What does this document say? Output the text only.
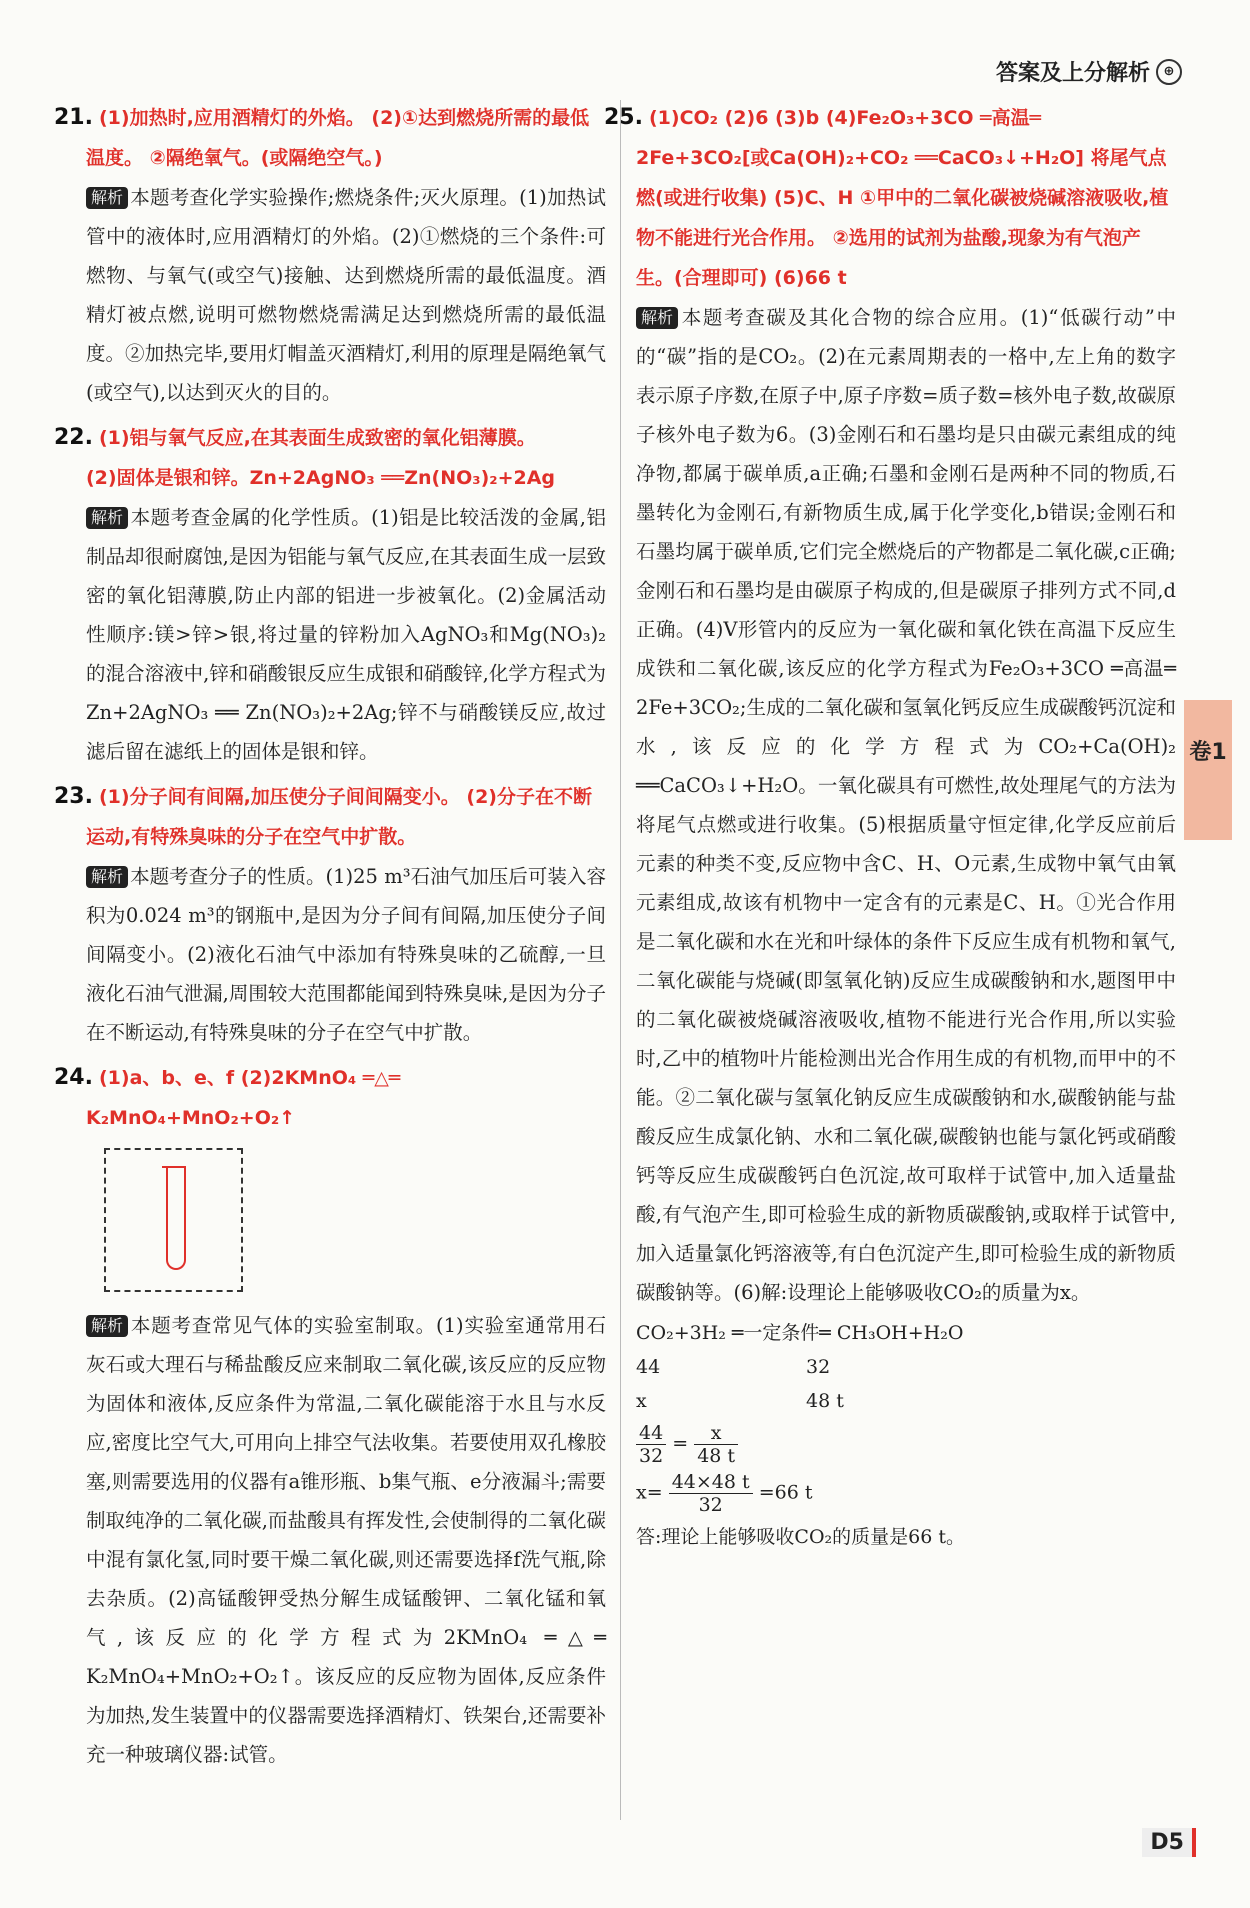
答案及上分解析	⊕
21. (1)加热时,应用酒精灯的外焰。 (2)①达到燃烧所需的最低温度。 ②隔绝氧气。(或隔绝空气。)
解析 本题考查化学实验操作;燃烧条件;灭火原理。(1)加热试管中的液体时,应用酒精灯的外焰。(2)①燃烧的三个条件:可燃物、与氧气(或空气)接触、达到燃烧所需的最低温度。酒精灯被点燃,说明可燃物燃烧需满足达到燃烧所需的最低温度。②加热完毕,要用灯帽盖灭酒精灯,利用的原理是隔绝氧气(或空气),以达到灭火的目的。
22. (1)铝与氧气反应,在其表面生成致密的氧化铝薄膜。
(2)固体是银和锌。Zn+2AgNO₃ ══Zn(NO₃)₂+2Ag
解析 本题考查金属的化学性质。(1)铝是比较活泼的金属,铝制品却很耐腐蚀,是因为铝能与氧气反应,在其表面生成一层致密的氧化铝薄膜,防止内部的铝进一步被氧化。(2)金属活动性顺序:镁>锌>银,将过量的锌粉加入AgNO₃和Mg(NO₃)₂的混合溶液中,锌和硝酸银反应生成银和硝酸锌,化学方程式为Zn+2AgNO₃ ══ Zn(NO₃)₂+2Ag;锌不与硝酸镁反应,故过滤后留在滤纸上的固体是银和锌。
23. (1)分子间有间隔,加压使分子间间隔变小。 (2)分子在不断运动,有特殊臭味的分子在空气中扩散。
解析 本题考查分子的性质。(1)25 m³石油气加压后可装入容积为0.024 m³的钢瓶中,是因为分子间有间隔,加压使分子间间隔变小。(2)液化石油气中添加有特殊臭味的乙硫醇,一旦液化石油气泄漏,周围较大范围都能闻到特殊臭味,是因为分子在不断运动,有特殊臭味的分子在空气中扩散。
24. (1)a、b、e、f (2)2KMnO₄ ═△═ K₂MnO₄+MnO₂+O₂↑
解析 本题考查常见气体的实验室制取。(1)实验室通常用石灰石或大理石与稀盐酸反应来制取二氧化碳,该反应的反应物为固体和液体,反应条件为常温,二氧化碳能溶于水且与水反应,密度比空气大,可用向上排空气法收集。若要使用双孔橡胶塞,则需要选用的仪器有a锥形瓶、b集气瓶、e分液漏斗;需要制取纯净的二氧化碳,而盐酸具有挥发性,会使制得的二氧化碳中混有氯化氢,同时要干燥二氧化碳,则还需要选择f洗气瓶,除去杂质。(2)高锰酸钾受热分解生成锰酸钾、二氧化锰和氧气,该反应的化学方程式为2KMnO₄ ═△═ K₂MnO₄+MnO₂+O₂↑。该反应的反应物为固体,反应条件为加热,发生装置中的仪器需要选择酒精灯、铁架台,还需要补充一种玻璃仪器:试管。
25. (1)CO₂ (2)6 (3)b (4)Fe₂O₃+3CO ═高温═ 2Fe+3CO₂[或Ca(OH)₂+CO₂ ══CaCO₃↓+H₂O] 将尾气点燃(或进行收集) (5)C、H ①甲中的二氧化碳被烧碱溶液吸收,植物不能进行光合作用。 ②选用的试剂为盐酸,现象为有气泡产生。(合理即可) (6)66 t
解析 本题考查碳及其化合物的综合应用。(1)“低碳行动”中的“碳”指的是CO₂。(2)在元素周期表的一格中,左上角的数字表示原子序数,在原子中,原子序数=质子数=核外电子数,故碳原子核外电子数为6。(3)金刚石和石墨均是只由碳元素组成的纯净物,都属于碳单质,a正确;石墨和金刚石是两种不同的物质,石墨转化为金刚石,有新物质生成,属于化学变化,b错误;金刚石和石墨均属于碳单质,它们完全燃烧后的产物都是二氧化碳,c正确;金刚石和石墨均是由碳原子构成的,但是碳原子排列方式不同,d正确。(4)V形管内的反应为一氧化碳和氧化铁在高温下反应生成铁和二氧化碳,该反应的化学方程式为Fe₂O₃+3CO ═高温═ 2Fe+3CO₂;生成的二氧化碳和氢氧化钙反应生成碳酸钙沉淀和水,该反应的化学方程式为CO₂+Ca(OH)₂ ══CaCO₃↓+H₂O。一氧化碳具有可燃性,故处理尾气的方法为将尾气点燃或进行收集。(5)根据质量守恒定律,化学反应前后元素的种类不变,反应物中含C、H、O元素,生成物中氧气由氧元素组成,故该有机物中一定含有的元素是C、H。①光合作用是二氧化碳和水在光和叶绿体的条件下反应生成有机物和氧气,二氧化碳能与烧碱(即氢氧化钠)反应生成碳酸钠和水,题图甲中的二氧化碳被烧碱溶液吸收,植物不能进行光合作用,所以实验时,乙中的植物叶片能检测出光合作用生成的有机物,而甲中的不能。②二氧化碳与氢氧化钠反应生成碳酸钠和水,碳酸钠能与盐酸反应生成氯化钠、水和二氧化碳,碳酸钠也能与氯化钙或硝酸钙等反应生成碳酸钙白色沉淀,故可取样于试管中,加入适量盐酸,有气泡产生,即可检验生成的新物质碳酸钠,或取样于试管中,加入适量氯化钙溶液等,有白色沉淀产生,即可检验生成的新物质碳酸钠等。(6)解:设理论上能够吸收CO₂的质量为x。
CO₂+3H₂ ═一定条件═ CH₃OH+H₂O
44	32
x	48 t
$\frac{44}{32} = \frac{x}{48 t}$
$x= \frac{44\times 48 t}{32} =66$ t
答:理论上能够吸收CO₂的质量是66 t。
卷1
D5
